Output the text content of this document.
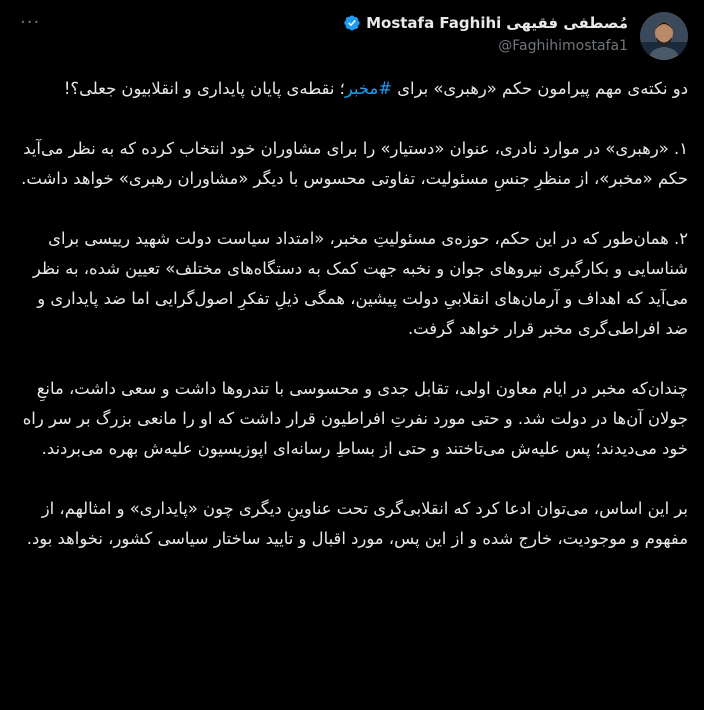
···	مُصطفی فقیهی
Mostafa Faghihi
@Faghihimostafa1

دو نکته‌ی مهم پیرامون حکم «رهبری» برای #مخبر؛ نقطه‌ی پایان پایداری و انقلابیون جعلی؟!

۱. «رهبری» در موارد نادری، عنوان «دستیار» را برای مشاوران خود انتخاب کرده که به نظر می‌آید حکم «مخبر»، از منظرِ جنسِ مسئولیت، تفاوتی محسوس با دیگر «مشاوران رهبری» خواهد داشت.

۲. همان‌طور که در این حکم، حوزه‌ی مسئولیتِ مخبر، «امتداد سیاست دولت شهید رییسی برای شناسایی و بکارگیری نیروهای جوان و نخبه جهت کمک به دستگاه‌های مختلف» تعیین شده، به نظر می‌آید که اهداف و آرمان‌های انقلابیِ دولت پیشین، همگی ذیلِ تفکرِ اصول‌گرایی اما ضد پایداری و ضد افراطی‌گری مخبر قرار خواهد گرفت.

چندان‌که مخبر در ایام معاون اولی، تقابل جدی و محسوسی با تندروها داشت و سعی داشت، مانعِ جولان آن‌ها در دولت شد. و حتی مورد نفرتِ افراطیون قرار داشت که او را مانعی بزرگ بر سر راه خود می‌دیدند؛ پس علیه‌ش می‌تاختند و حتی از بساطِ رسانه‌ای اپوزیسیون علیه‌ش بهره می‌بردند.

بر این اساس، می‌توان ادعا کرد که انقلابی‌گری تحت عناوینِ دیگری چون «پایداری» و امثالهم، از مفهوم و موجودیت، خارج شده و از این پس، مورد اقبال و تایید ساختار سیاسی کشور، نخواهد بود.
